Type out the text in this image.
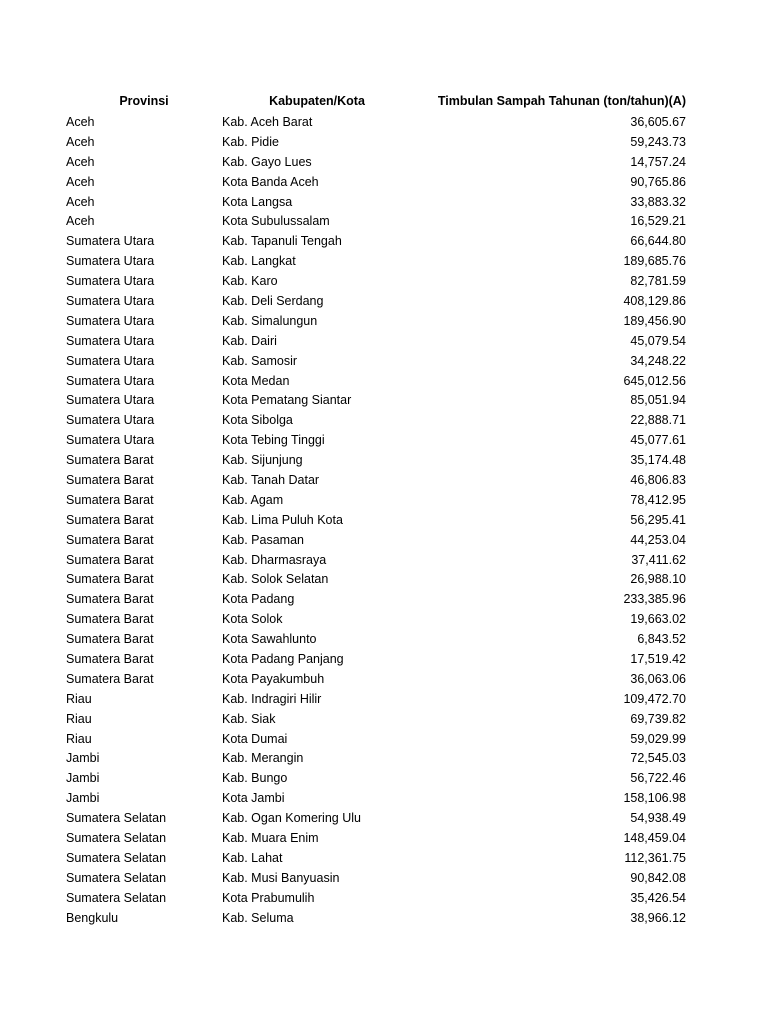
Provinsi	Kabupaten/Kota	Timbulan Sampah Tahunan (ton/tahun)(A)
Aceh	Kab. Aceh Barat	36,605.67
Aceh	Kab. Pidie	59,243.73
Aceh	Kab. Gayo Lues	14,757.24
Aceh	Kota Banda Aceh	90,765.86
Aceh	Kota Langsa	33,883.32
Aceh	Kota Subulussalam	16,529.21
Sumatera Utara	Kab. Tapanuli Tengah	66,644.80
Sumatera Utara	Kab. Langkat	189,685.76
Sumatera Utara	Kab. Karo	82,781.59
Sumatera Utara	Kab. Deli Serdang	408,129.86
Sumatera Utara	Kab. Simalungun	189,456.90
Sumatera Utara	Kab. Dairi	45,079.54
Sumatera Utara	Kab. Samosir	34,248.22
Sumatera Utara	Kota Medan	645,012.56
Sumatera Utara	Kota Pematang Siantar	85,051.94
Sumatera Utara	Kota Sibolga	22,888.71
Sumatera Utara	Kota Tebing Tinggi	45,077.61
Sumatera Barat	Kab. Sijunjung	35,174.48
Sumatera Barat	Kab. Tanah Datar	46,806.83
Sumatera Barat	Kab. Agam	78,412.95
Sumatera Barat	Kab. Lima Puluh Kota	56,295.41
Sumatera Barat	Kab. Pasaman	44,253.04
Sumatera Barat	Kab. Dharmasraya	37,411.62
Sumatera Barat	Kab. Solok Selatan	26,988.10
Sumatera Barat	Kota Padang	233,385.96
Sumatera Barat	Kota Solok	19,663.02
Sumatera Barat	Kota Sawahlunto	6,843.52
Sumatera Barat	Kota Padang Panjang	17,519.42
Sumatera Barat	Kota Payakumbuh	36,063.06
Riau	Kab. Indragiri Hilir	109,472.70
Riau	Kab. Siak	69,739.82
Riau	Kota Dumai	59,029.99
Jambi	Kab. Merangin	72,545.03
Jambi	Kab. Bungo	56,722.46
Jambi	Kota Jambi	158,106.98
Sumatera Selatan	Kab. Ogan Komering Ulu	54,938.49
Sumatera Selatan	Kab. Muara Enim	148,459.04
Sumatera Selatan	Kab. Lahat	112,361.75
Sumatera Selatan	Kab. Musi Banyuasin	90,842.08
Sumatera Selatan	Kota Prabumulih	35,426.54
Bengkulu	Kab. Seluma	38,966.12
